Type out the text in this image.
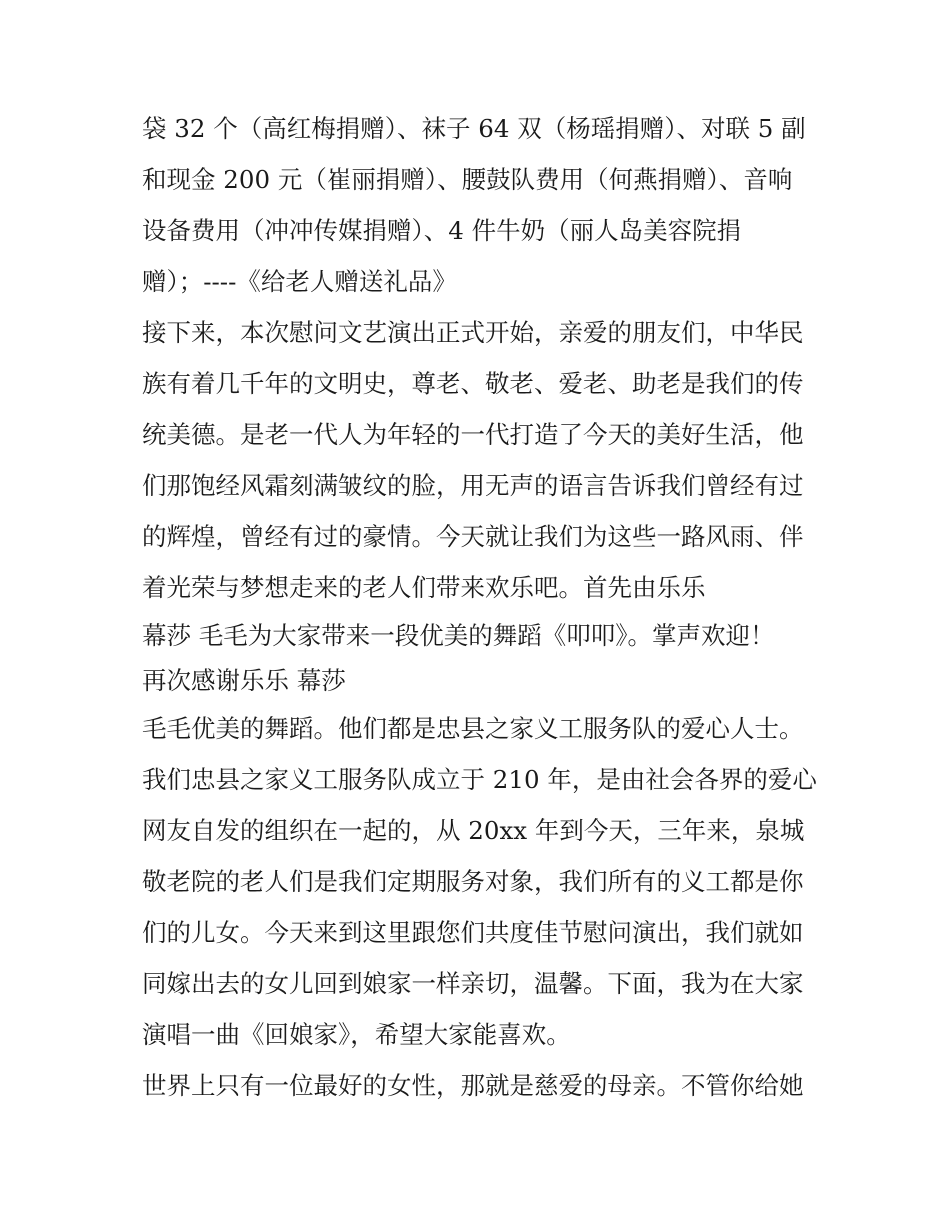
袋 32 个（高红梅捐赠）、袜子 64 双（杨瑶捐赠）、对联 5 副
和现金 200 元（崔丽捐赠）、腰鼓队费用（何燕捐赠）、音响
设备费用（冲冲传媒捐赠）、4 件牛奶（丽人岛美容院捐
赠）；----《给老人赠送礼品》
接下来，本次慰问文艺演出正式开始，亲爱的朋友们，中华民
族有着几千年的文明史，尊老、敬老、爱老、助老是我们的传
统美德。是老一代人为年轻的一代打造了今天的美好生活，他
们那饱经风霜刻满皱纹的脸，用无声的语言告诉我们曾经有过
的辉煌，曾经有过的豪情。今天就让我们为这些一路风雨、伴
着光荣与梦想走来的老人们带来欢乐吧。首先由乐乐
幕莎 毛毛为大家带来一段优美的舞蹈《叩叩》。掌声欢迎！
再次感谢乐乐 幕莎
毛毛优美的舞蹈。他们都是忠县之家义工服务队的爱心人士。
我们忠县之家义工服务队成立于 210 年，是由社会各界的爱心
网友自发的组织在一起的，从 20xx 年到今天，三年来，泉城
敬老院的老人们是我们定期服务对象，我们所有的义工都是你
们的儿女。今天来到这里跟您们共度佳节慰问演出，我们就如
同嫁出去的女儿回到娘家一样亲切，温馨。下面，我为在大家
演唱一曲《回娘家》，希望大家能喜欢。
世界上只有一位最好的女性，那就是慈爱的母亲。不管你给她
